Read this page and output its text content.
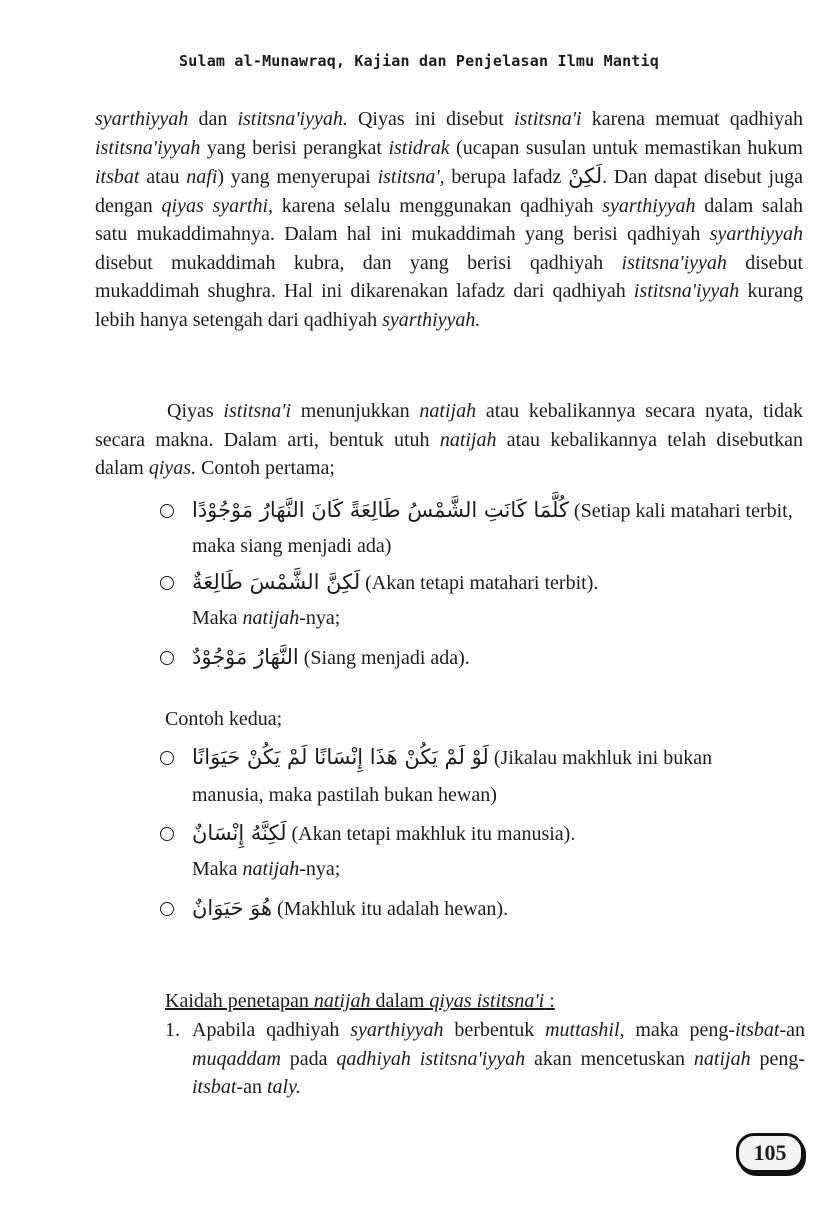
Sulam al-Munawraq, Kajian dan Penjelasan Ilmu Mantiq
syarthiyyah dan istitsna'iyyah. Qiyas ini disebut istitsna'i karena memuat qadhiyah istitsna'iyyah yang berisi perangkat istidrak (ucapan susulan untuk memastikan hukum itsbat atau nafi) yang menyerupai istitsna', berupa lafadz لَكِنْ. Dan dapat disebut juga dengan qiyas syarthi, karena selalu menggunakan qadhiyah syarthiyyah dalam salah satu mukaddimahnya. Dalam hal ini mukaddimah yang berisi qadhiyah syarthiyyah disebut mukaddimah kubra, dan yang berisi qadhiyah istitsna'iyyah disebut mukaddimah shughra. Hal ini dikarenakan lafadz dari qadhiyah istitsna'iyyah kurang lebih hanya setengah dari qadhiyah syarthiyyah.
Qiyas istitsna'i menunjukkan natijah atau kebalikannya secara nyata, tidak secara makna. Dalam arti, bentuk utuh natijah atau kebalikannya telah disebutkan dalam qiyas. Contoh pertama;
كُلَّمَا كَانَتِ الشَّمْسُ طَالِعَةً كَانَ النَّهَارُ مَوْجُوْدًا (Setiap kali matahari terbit,
maka siang menjadi ada)
لَكِنَّ الشَّمْسَ طَالِعَةٌ (Akan tetapi matahari terbit).
Maka natijah-nya;
النَّهَارُ مَوْجُوْدٌ (Siang menjadi ada).
Contoh kedua;
لَوْ لَمْ يَكُنْ هَذَا إِنْسَانًا لَمْ يَكُنْ حَيَوَانًا (Jikalau makhluk ini bukan
manusia, maka pastilah bukan hewan)
لَكِنَّهُ إِنْسَانٌ (Akan tetapi makhluk itu manusia).
Maka natijah-nya;
هُوَ حَيَوَانٌ (Makhluk itu adalah hewan).
Kaidah penetapan natijah dalam qiyas istitsna'i :
1. Apabila qadhiyah syarthiyyah berbentuk muttashil, maka peng-itsbat-an muqaddam pada qadhiyah istitsna'iyyah akan mencetuskan natijah peng-itsbat-an taly.
105
